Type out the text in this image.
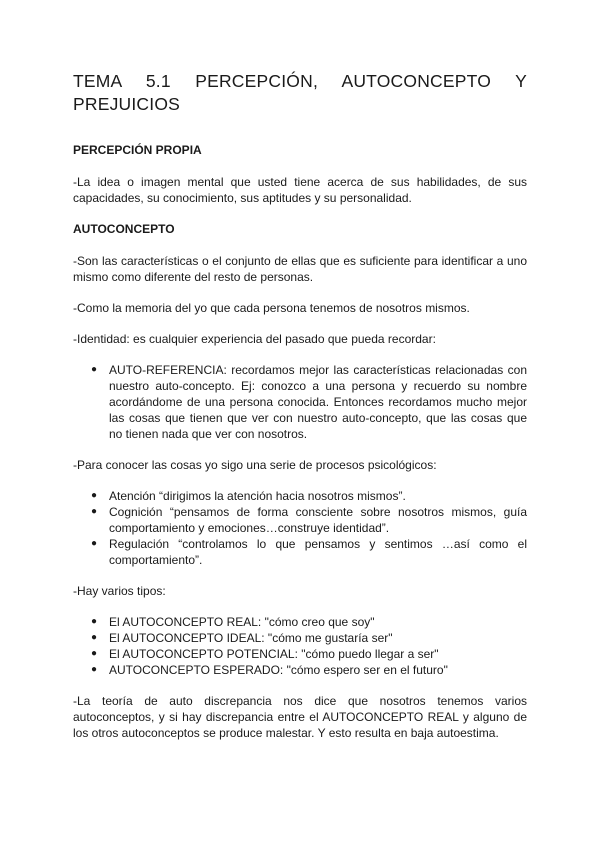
TEMA 5.1 PERCEPCIÓN, AUTOCONCEPTO Y PREJUICIOS
PERCEPCIÓN PROPIA

-La idea o imagen mental que usted tiene acerca de sus habilidades, de sus capacidades, su conocimiento, sus aptitudes y su personalidad.

AUTOCONCEPTO

-Son las características o el conjunto de ellas que es suficiente para identificar a uno mismo como diferente del resto de personas.

-Como la memoria del yo que cada persona tenemos de nosotros mismos.

-Identidad: es cualquier experiencia del pasado que pueda recordar:

● AUTO-REFERENCIA: recordamos mejor las características relacionadas con nuestro auto-concepto. Ej: conozco a una persona y recuerdo su nombre acordándome de una persona conocida. Entonces recordamos mucho mejor las cosas que tienen que ver con nuestro auto-concepto, que las cosas que no tienen nada que ver con nosotros.

-Para conocer las cosas yo sigo una serie de procesos psicológicos:

● Atención “dirigimos la atención hacia nosotros mismos”.
● Cognición “pensamos de forma consciente sobre nosotros mismos, guía comportamiento y emociones…construye identidad”.
● Regulación “controlamos lo que pensamos y sentimos …así como el comportamiento”.

-Hay varios tipos:

● El AUTOCONCEPTO REAL: "cómo creo que soy"
● El AUTOCONCEPTO IDEAL: "cómo me gustaría ser"
● El AUTOCONCEPTO POTENCIAL: "cómo puedo llegar a ser"
● AUTOCONCEPTO ESPERADO: "cómo espero ser en el futuro"

-La teoría de auto discrepancia nos dice que nosotros tenemos varios autoconceptos, y si hay discrepancia entre el AUTOCONCEPTO REAL y alguno de los otros autoconceptos se produce malestar. Y esto resulta en baja autoestima.
